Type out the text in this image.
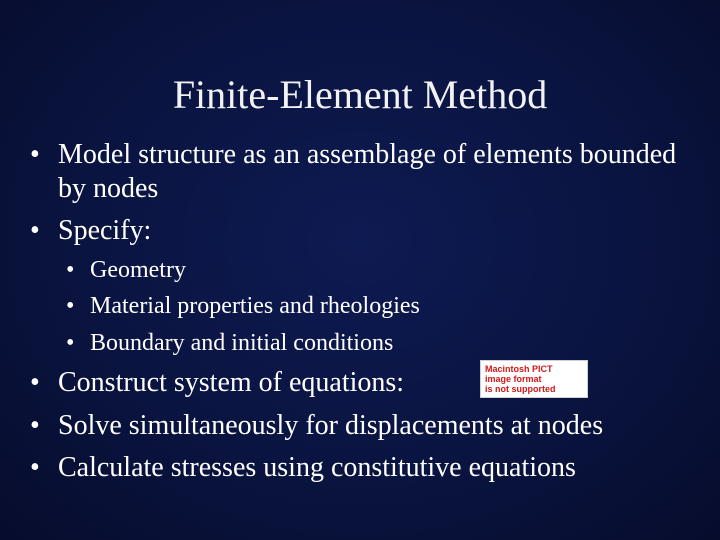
Finite-Element Method
• Model structure as an assemblage of elements bounded by nodes
• Specify:
• Geometry
• Material properties and rheologies
• Boundary and initial conditions
• Construct system of equations:
• Solve simultaneously for displacements at nodes
• Calculate stresses using constitutive equations
Macintosh PICT
image format
is not supported
